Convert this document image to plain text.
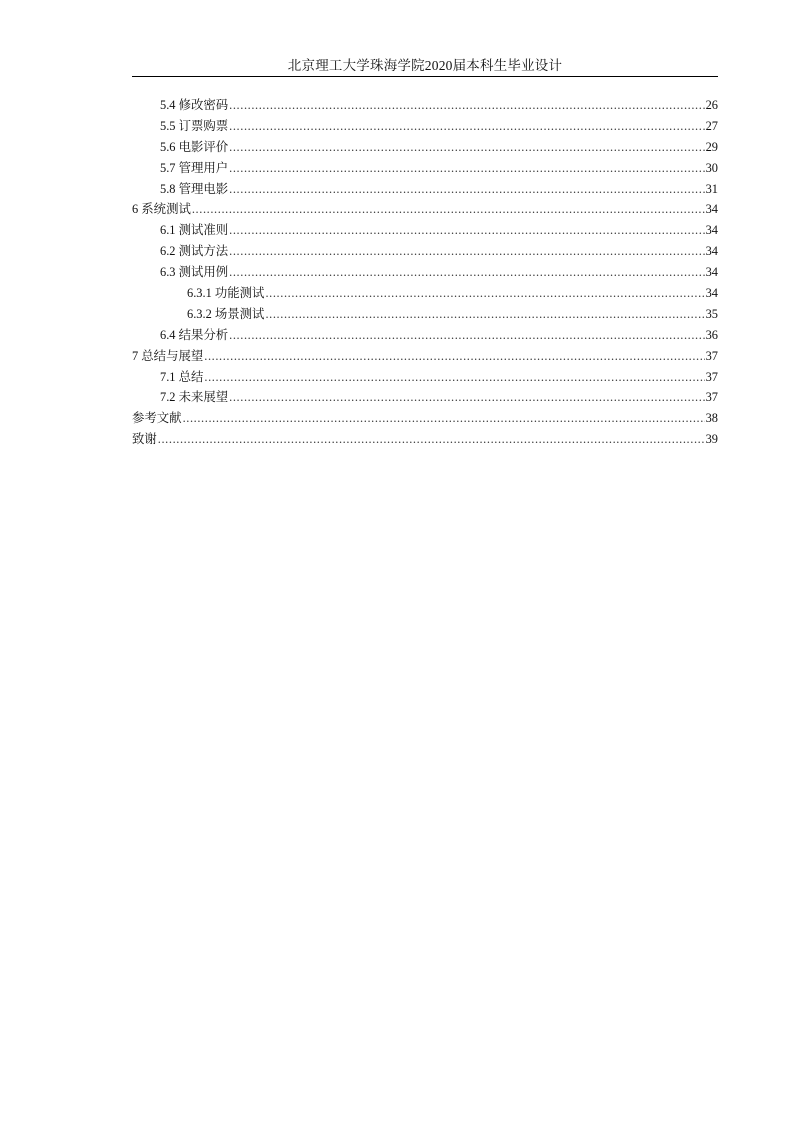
北京理工大学珠海学院2020届本科生毕业设计
5.4 修改密码 .....	26
5.5 订票购票 .....	27
5.6 电影评价 .....	29
5.7 管理用户 .....	30
5.8 管理电影 .....	31
6 系统测试 .....	34
6.1 测试准则 .....	34
6.2 测试方法 .....	34
6.3 测试用例 .....	34
6.3.1 功能测试 .....	34
6.3.2 场景测试 .....	35
6.4 结果分析 .....	36
7 总结与展望 .....	37
7.1 总结 .....	37
7.2 未来展望 .....	37
参考文献 .....	38
致谢 .....	39
